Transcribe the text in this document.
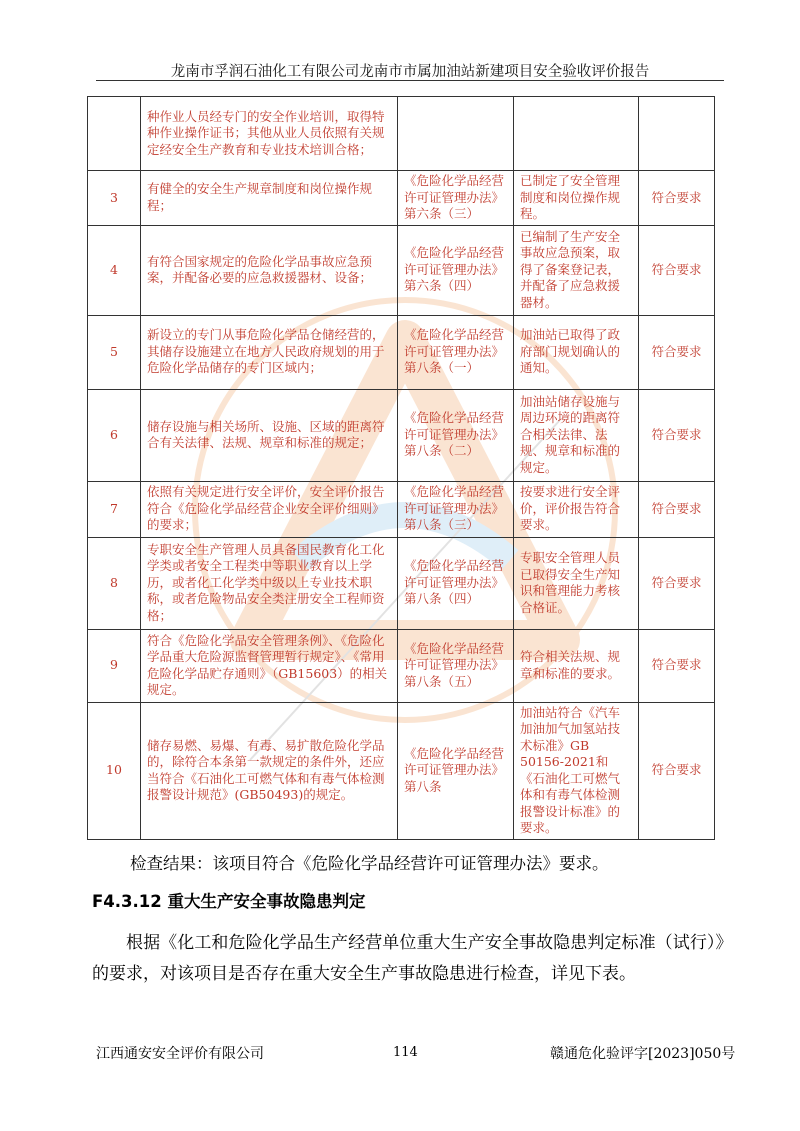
龙南市孚润石油化工有限公司龙南市市属加油站新建项目安全验收评价报告
	种作业人员经专门的安全作业培训，取得特种作业操作证书；其他从业人员依照有关规定经安全生产教育和专业技术培训合格；			
3	有健全的安全生产规章制度和岗位操作规程；	《危险化学品经营许可证管理办法》第六条（三）	已制定了安全管理制度和岗位操作规程。	符合要求
4	有符合国家规定的危险化学品事故应急预案，并配备必要的应急救援器材、设备；	《危险化学品经营许可证管理办法》第六条（四）	已编制了生产安全事故应急预案，取得了备案登记表，并配备了应急救援器材。	符合要求
5	新设立的专门从事危险化学品仓储经营的，其储存设施建立在地方人民政府规划的用于危险化学品储存的专门区域内；	《危险化学品经营许可证管理办法》第八条（一）	加油站已取得了政府部门规划确认的通知。	符合要求
6	储存设施与相关场所、设施、区域的距离符合有关法律、法规、规章和标准的规定；	《危险化学品经营许可证管理办法》第八条（二）	加油站储存设施与周边环境的距离符合相关法律、法规、规章和标准的规定。	符合要求
7	依照有关规定进行安全评价，安全评价报告符合《危险化学品经营企业安全评价细则》的要求；	《危险化学品经营许可证管理办法》第八条（三）	按要求进行安全评价，评价报告符合要求。	符合要求
8	专职安全生产管理人员具备国民教育化工化学类或者安全工程类中等职业教育以上学历，或者化工化学类中级以上专业技术职称，或者危险物品安全类注册安全工程师资格；	《危险化学品经营许可证管理办法》第八条（四）	专职安全管理人员已取得安全生产知识和管理能力考核合格证。	符合要求
9	符合《危险化学品安全管理条例》、《危险化学品重大危险源监督管理暂行规定》、《常用危险化学品贮存通则》（GB15603）的相关规定。	《危险化学品经营许可证管理办法》第八条（五）	符合相关法规、规章和标准的要求。	符合要求
10	储存易燃、易爆、有毒、易扩散危险化学品的，除符合本条第一款规定的条件外，还应当符合《石油化工可燃气体和有毒气体检测报警设计规范》(GB50493)的规定。	《危险化学品经营许可证管理办法》第八条	加油站符合《汽车加油加气加氢站技术标准》GB 50156-2021和《石油化工可燃气体和有毒气体检测报警设计标准》的要求。	符合要求
检查结果：该项目符合《危险化学品经营许可证管理办法》要求。
F4.3.12 重大生产安全事故隐患判定
根据《化工和危险化学品生产经营单位重大生产安全事故隐患判定标准（试行）》的要求，对该项目是否存在重大安全生产事故隐患进行检查，详见下表。
江西通安安全评价有限公司	114	赣通危化验评字[2023]050号
